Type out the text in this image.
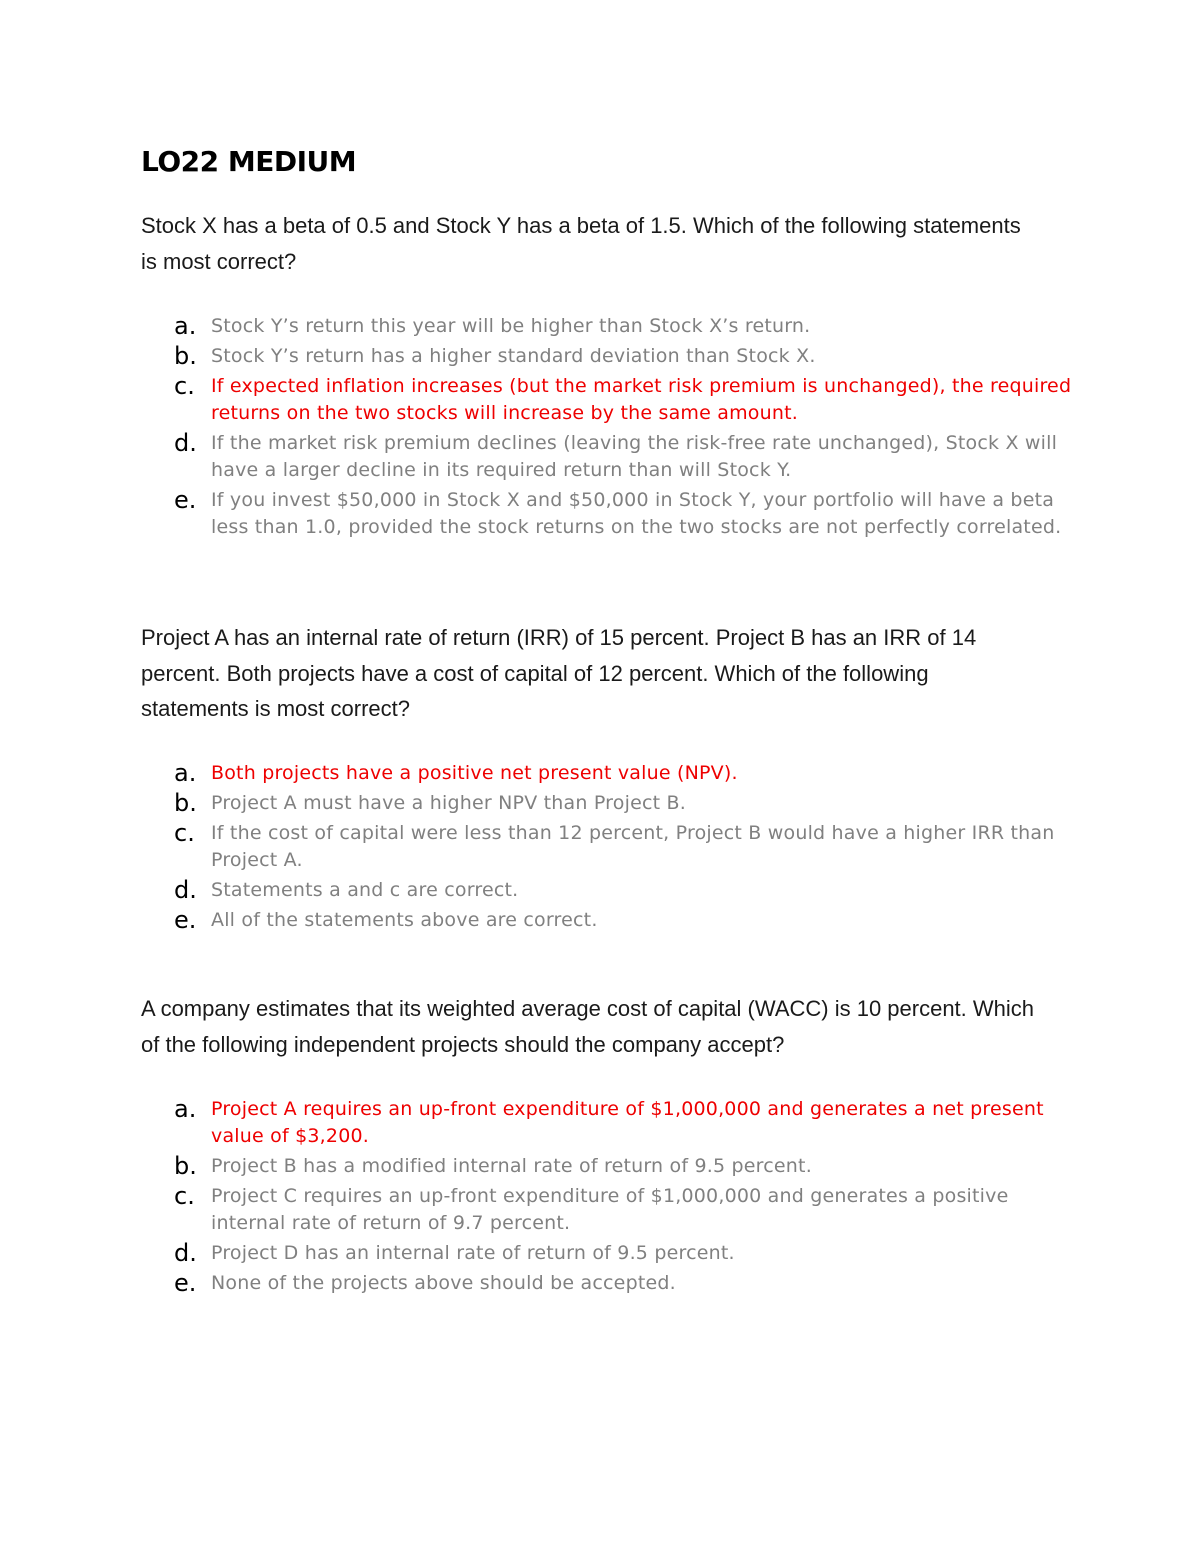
LO22 MEDIUM

Stock X has a beta of 0.5 and Stock Y has a beta of 1.5. Which of the following statements is most correct?

a. Stock Y’s return this year will be higher than Stock X’s return.
b. Stock Y’s return has a higher standard deviation than Stock X.
c. If expected inflation increases (but the market risk premium is unchanged), the required returns on the two stocks will increase by the same amount.
d. If the market risk premium declines (leaving the risk-free rate unchanged), Stock X will have a larger decline in its required return than will Stock Y.
e. If you invest $50,000 in Stock X and $50,000 in Stock Y, your portfolio will have a beta less than 1.0, provided the stock returns on the two stocks are not perfectly correlated.

Project A has an internal rate of return (IRR) of 15 percent. Project B has an IRR of 14 percent. Both projects have a cost of capital of 12 percent. Which of the following statements is most correct?

a. Both projects have a positive net present value (NPV).
b. Project A must have a higher NPV than Project B.
c. If the cost of capital were less than 12 percent, Project B would have a higher IRR than Project A.
d. Statements a and c are correct.
e. All of the statements above are correct.

A company estimates that its weighted average cost of capital (WACC) is 10 percent. Which of the following independent projects should the company accept?

a. Project A requires an up-front expenditure of $1,000,000 and generates a net present value of $3,200.
b. Project B has a modified internal rate of return of 9.5 percent.
c. Project C requires an up-front expenditure of $1,000,000 and generates a positive internal rate of return of 9.7 percent.
d. Project D has an internal rate of return of 9.5 percent.
e. None of the projects above should be accepted.
